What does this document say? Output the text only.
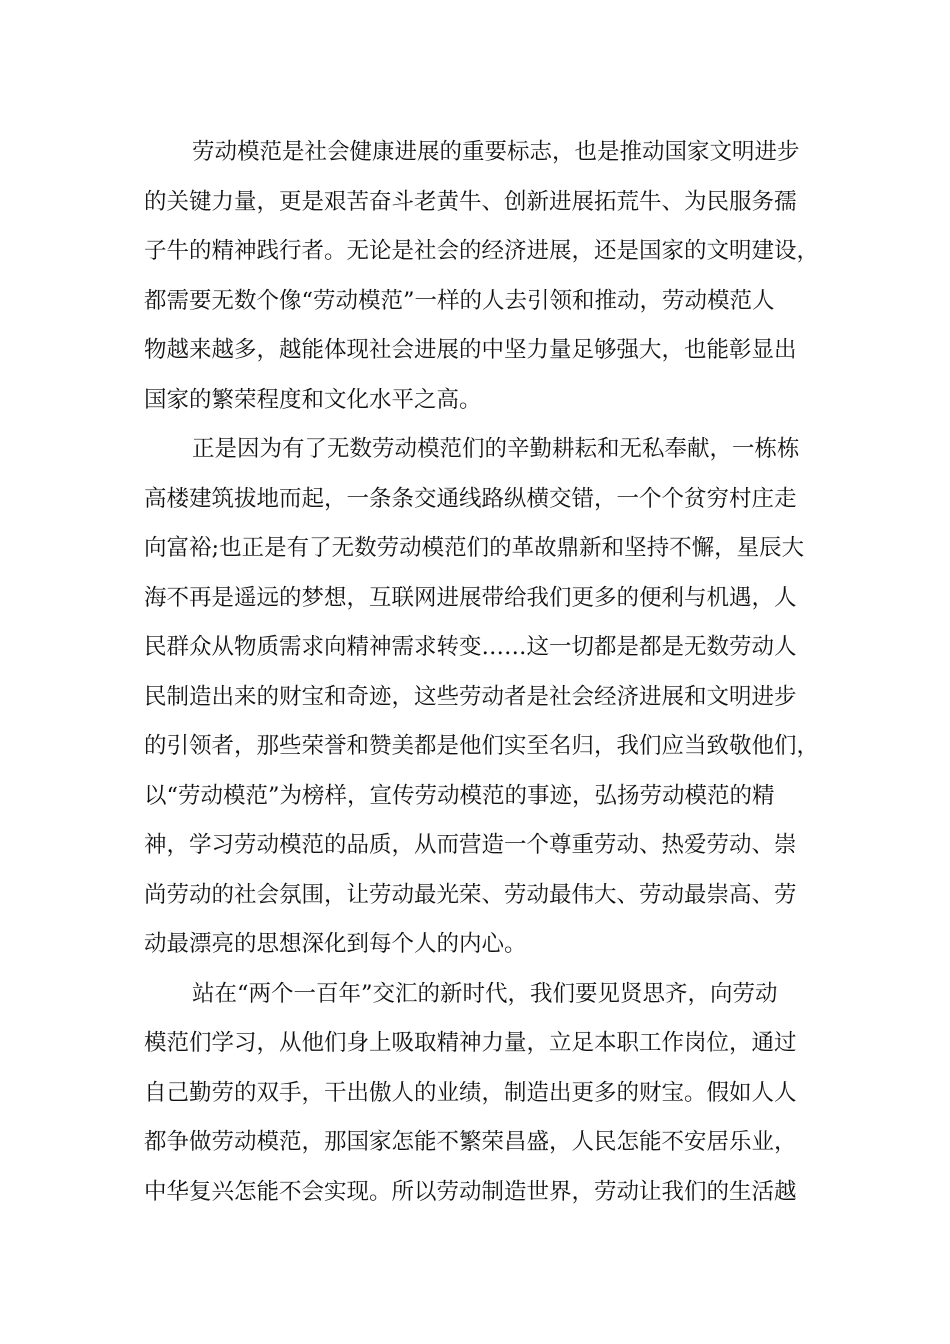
劳动模范是社会健康进展的重要标志，也是推动国家文明进步
的关键力量，更是艰苦奋斗老黄牛、创新进展拓荒牛、为民服务孺
子牛的精神践行者。无论是社会的经济进展，还是国家的文明建设，
都需要无数个像“劳动模范”一样的人去引领和推动，劳动模范人
物越来越多，越能体现社会进展的中坚力量足够强大，也能彰显出
国家的繁荣程度和文化水平之高。

正是因为有了无数劳动模范们的辛勤耕耘和无私奉献，一栋栋
高楼建筑拔地而起，一条条交通线路纵横交错，一个个贫穷村庄走
向富裕;也正是有了无数劳动模范们的革故鼎新和坚持不懈，星辰大
海不再是遥远的梦想，互联网进展带给我们更多的便利与机遇，人
民群众从物质需求向精神需求转变……这一切都是都是无数劳动人
民制造出来的财宝和奇迹，这些劳动者是社会经济进展和文明进步
的引领者，那些荣誉和赞美都是他们实至名归，我们应当致敬他们，
以“劳动模范”为榜样，宣传劳动模范的事迹，弘扬劳动模范的精
神，学习劳动模范的品质，从而营造一个尊重劳动、热爱劳动、崇
尚劳动的社会氛围，让劳动最光荣、劳动最伟大、劳动最崇高、劳
动最漂亮的思想深化到每个人的内心。

站在“两个一百年”交汇的新时代，我们要见贤思齐，向劳动
模范们学习，从他们身上吸取精神力量，立足本职工作岗位，通过
自己勤劳的双手，干出傲人的业绩，制造出更多的财宝。假如人人
都争做劳动模范，那国家怎能不繁荣昌盛，人民怎能不安居乐业，
中华复兴怎能不会实现。所以劳动制造世界，劳动让我们的生活越
